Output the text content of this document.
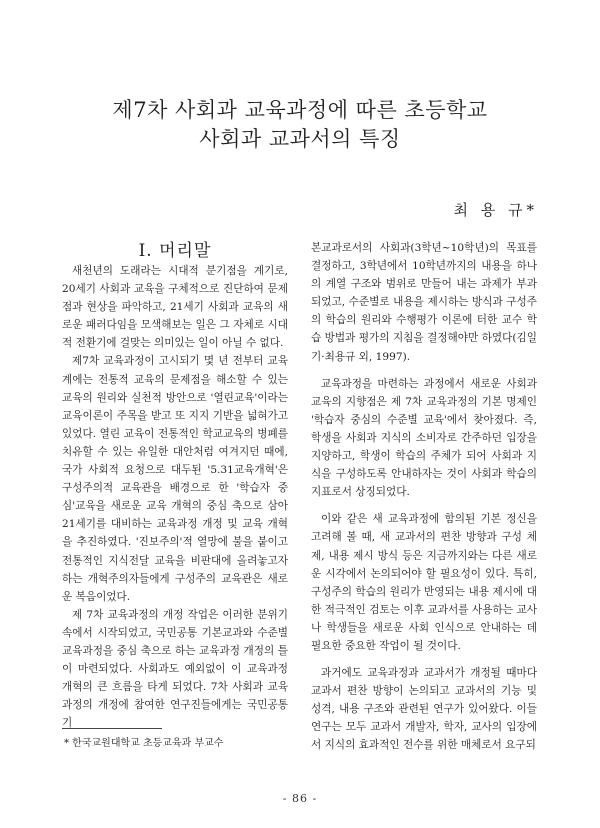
제7차 사회과 교육과정에 따른 초등학교
사회과 교과서의 특징
최 용 규*
Ⅰ. 머리말

새천년의 도래라는 시대적 분기점을 계기로, 20세기 사회과 교육을 구체적으로 진단하여 문제점과 현상을 파악하고, 21세기 사회과 교육의 새로운 패러다임을 모색해보는 일은 그 자체로 시대적 전환기에 걸맞는 의미있는 일이 아닐 수 없다.

제7차 교육과정이 고시되기 몇 년 전부터 교육계에는 전통적 교육의 문제점을 해소할 수 있는 교육의 원리와 실천적 방안으로 '열린교육'이라는 교육이론이 주목을 받고 또 지지 기반을 넓혀가고 있었다. 열린 교육이 전통적인 학교교육의 병폐를 치유할 수 있는 유일한 대안처럼 여겨지던 때에, 국가 사회적 요청으로 대두된 '5.31교육개혁'은 구성주의적 교육관을 배경으로 한 '학습자 중심'교육을 새로운 교육 개혁의 중심 축으로 삼아 21세기를 대비하는 교육과정 개정 및 교육 개혁을 추진하였다. '진보주의'적 열망에 불을 붙이고 전통적인 지식전달 교육을 비판대에 올려놓고자 하는 개혁주의자들에게 구성주의 교육관은 새로운 복음이었다.

제 7차 교육과정의 개정 작업은 이러한 분위기 속에서 시작되었고, 국민공통 기본교과와 수준별 교육과정을 중심 축으로 하는 교육과정 개정의 틀이 마련되었다. 사회과도 예외없이 이 교육과정 개혁의 큰 흐름을 타게 되었다. 7차 사회과 교육과정의 개정에 참여한 연구진들에게는 국민공통기

본교과로서의 사회과(3학년~10학년)의 목표를 결정하고, 3학년에서 10학년까지의 내용을 하나의 계열 구조와 범위로 만들어 내는 과제가 부과되었고, 수준별로 내용을 제시하는 방식과 구성주의 학습의 원리와 수행평가 이론에 터한 교수 학습 방법과 평가의 지침을 결정해야만 하였다(김일기·최용규 외, 1997).

교육과정을 마련하는 과정에서 새로운 사회과 교육의 지향점은 제 7차 교육과정의 기본 명제인 '학습자 중심의 수준별 교육'에서 찾아졌다. 즉, 학생을 사회과 지식의 소비자로 간주하던 입장을 지양하고, 학생이 학습의 주체가 되어 사회과 지식을 구성하도록 안내하자는 것이 사회과 학습의 지표로서 상징되었다.

이와 같은 새 교육과정에 함의된 기본 정신을 고려해 볼 때, 새 교과서의 편찬 방향과 구성 체제, 내용 제시 방식 등은 지금까지와는 다른 새로운 시각에서 논의되어야 할 필요성이 있다. 특히, 구성주의 학습의 원리가 반영되는 내용 제시에 대한 적극적인 검토는 이후 교과서를 사용하는 교사나 학생들을 새로운 사회 인식으로 안내하는 데 필요한 중요한 작업이 될 것이다.

과거에도 교육과정과 교과서가 개정될 때마다 교과서 편찬 방향이 논의되고 교과서의 기능 및 성격, 내용 구조와 관련된 연구가 있어왔다. 이들 연구는 모두 교과서 개발자, 학자, 교사의 입장에서 지식의 효과적인 전수를 위한 매체로서 요구되

* 한국교원대학교 초등교육과 부교수
- 86 -
